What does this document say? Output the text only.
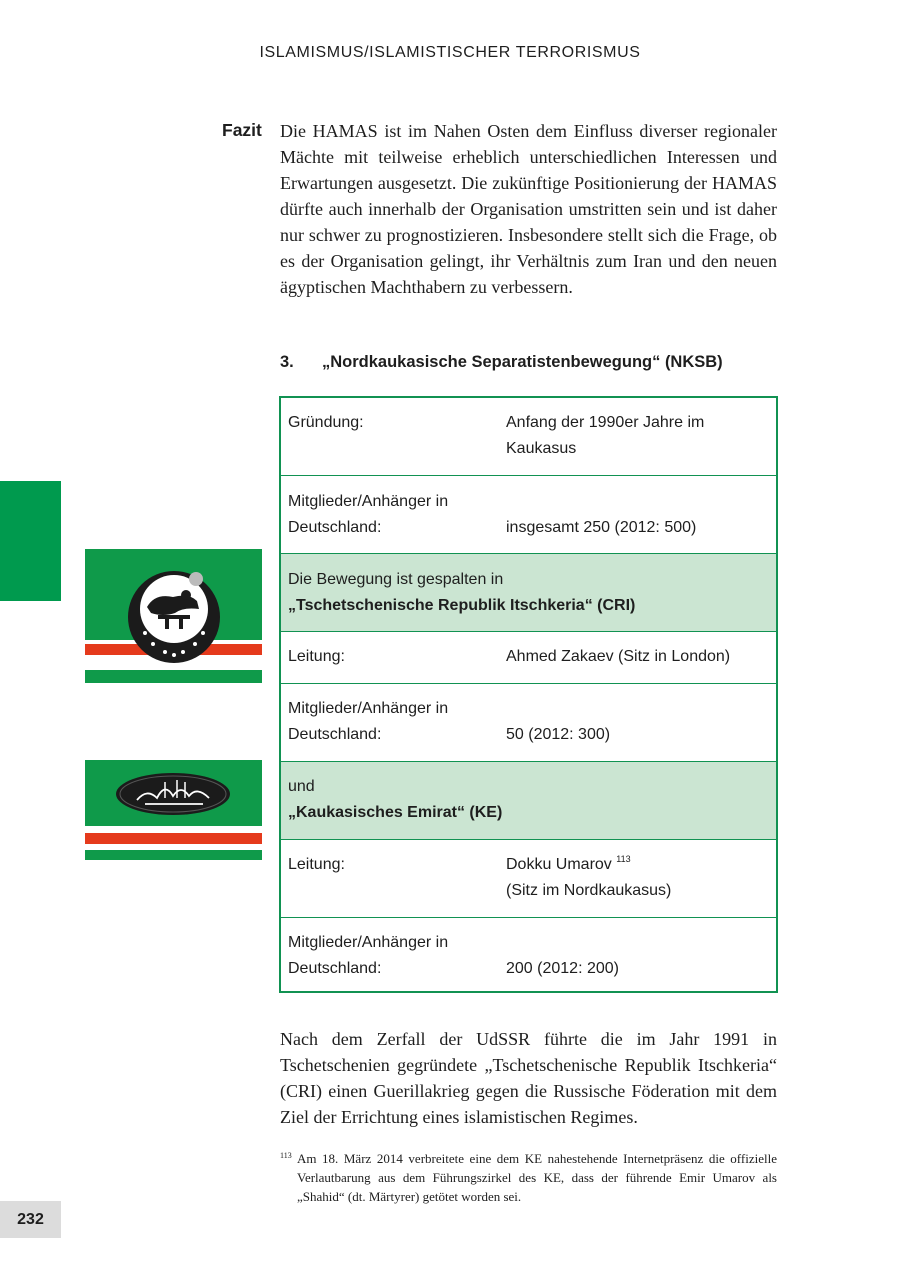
ISLAMISMUS/ISLAMISTISCHER TERRORISMUS
Fazit Die HAMAS ist im Nahen Osten dem Einfluss diverser regionaler Mächte mit teilweise erheblich unterschiedlichen Interessen und Erwartungen ausgesetzt. Die zukünftige Positionierung der HAMAS dürfte auch innerhalb der Organisation umstritten sein und ist daher nur schwer zu prognostizieren. Insbesondere stellt sich die Frage, ob es der Organisation gelingt, ihr Verhältnis zum Iran und den neuen ägyptischen Machthabern zu verbessern.
3. „Nordkaukasische Separatistenbewegung“ (NKSB)
Gründung:	Anfang der 1990er Jahre im Kaukasus
Mitglieder/Anhänger in
Deutschland:	insgesamt 250 (2012: 500)
Die Bewegung ist gespalten in
„Tschetschenische Republik Itschkeria“ (CRI)
Leitung:	Ahmed Zakaev (Sitz in London)
Mitglieder/Anhänger in
Deutschland:	50 (2012: 300)
und
„Kaukasisches Emirat“ (KE)
Leitung:	Dokku Umarov $^{113}$
(Sitz im Nordkaukasus)
Mitglieder/Anhänger in
Deutschland:	200 (2012: 200)
Nach dem Zerfall der UdSSR führte die im Jahr 1991 in Tschetschenien gegründete „Tschetschenische Republik Itschkeria“ (CRI) einen Guerillakrieg gegen die Russische Föderation mit dem Ziel der Errichtung eines islamistischen Regimes.
113 Am 18. März 2014 verbreitete eine dem KE nahestehende Internetpräsenz die offizielle Verlautbarung aus dem Führungszirkel des KE, dass der führende Emir Umarov als „Shahid“ (dt. Märtyrer) getötet worden sei.
232
